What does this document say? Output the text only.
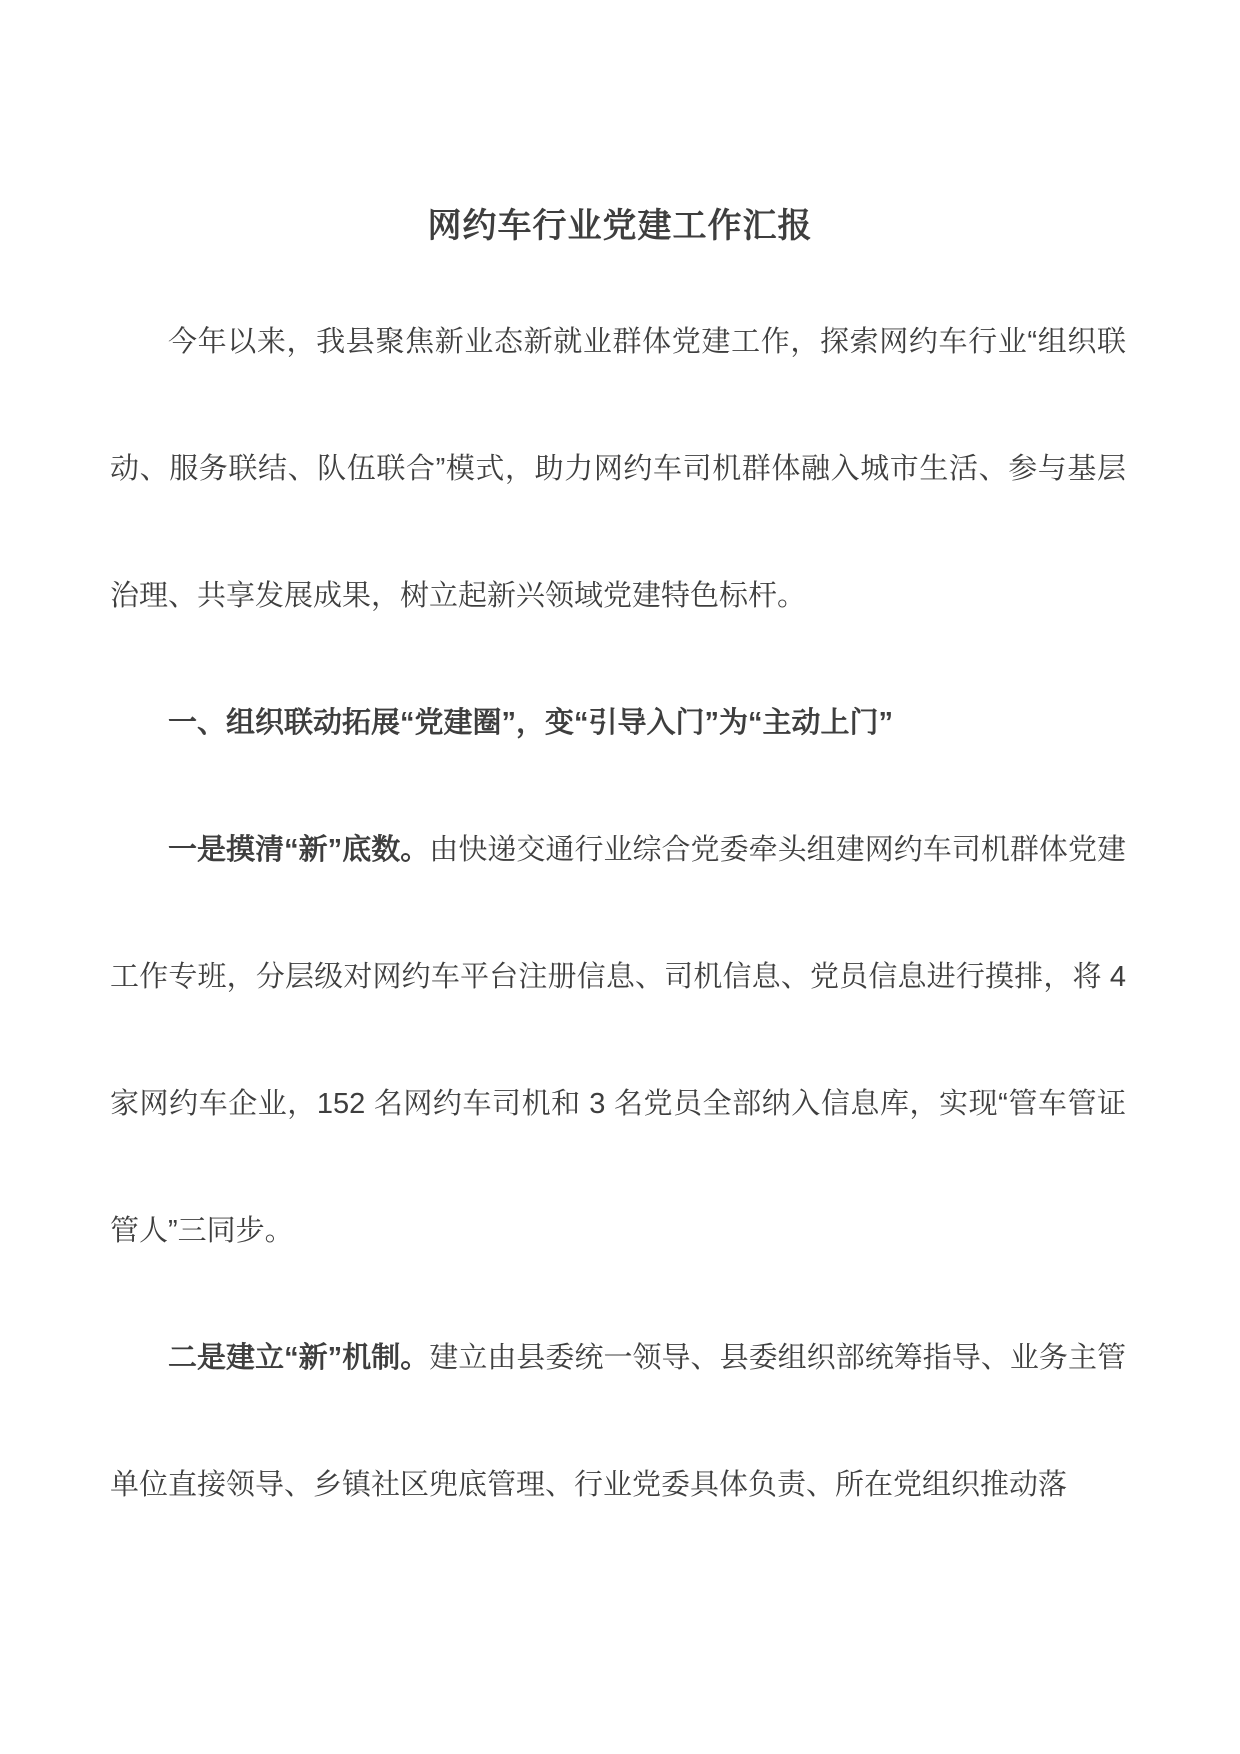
网约车行业党建工作汇报

今年以来，我县聚焦新业态新就业群体党建工作，探索网约车行业“组织联动、服务联结、队伍联合”模式，助力网约车司机群体融入城市生活、参与基层治理、共享发展成果，树立起新兴领域党建特色标杆。

一、组织联动拓展“党建圈”，变“引导入门”为“主动上门”

一是摸清“新”底数。由快递交通行业综合党委牵头组建网约车司机群体党建工作专班，分层级对网约车平台注册信息、司机信息、党员信息进行摸排，将 4 家网约车企业，152 名网约车司机和 3 名党员全部纳入信息库，实现“管车管证管人”三同步。

二是建立“新”机制。建立由县委统一领导、县委组织部统筹指导、业务主管单位直接领导、乡镇社区兜底管理、行业党委具体负责、所在党组织推动落
